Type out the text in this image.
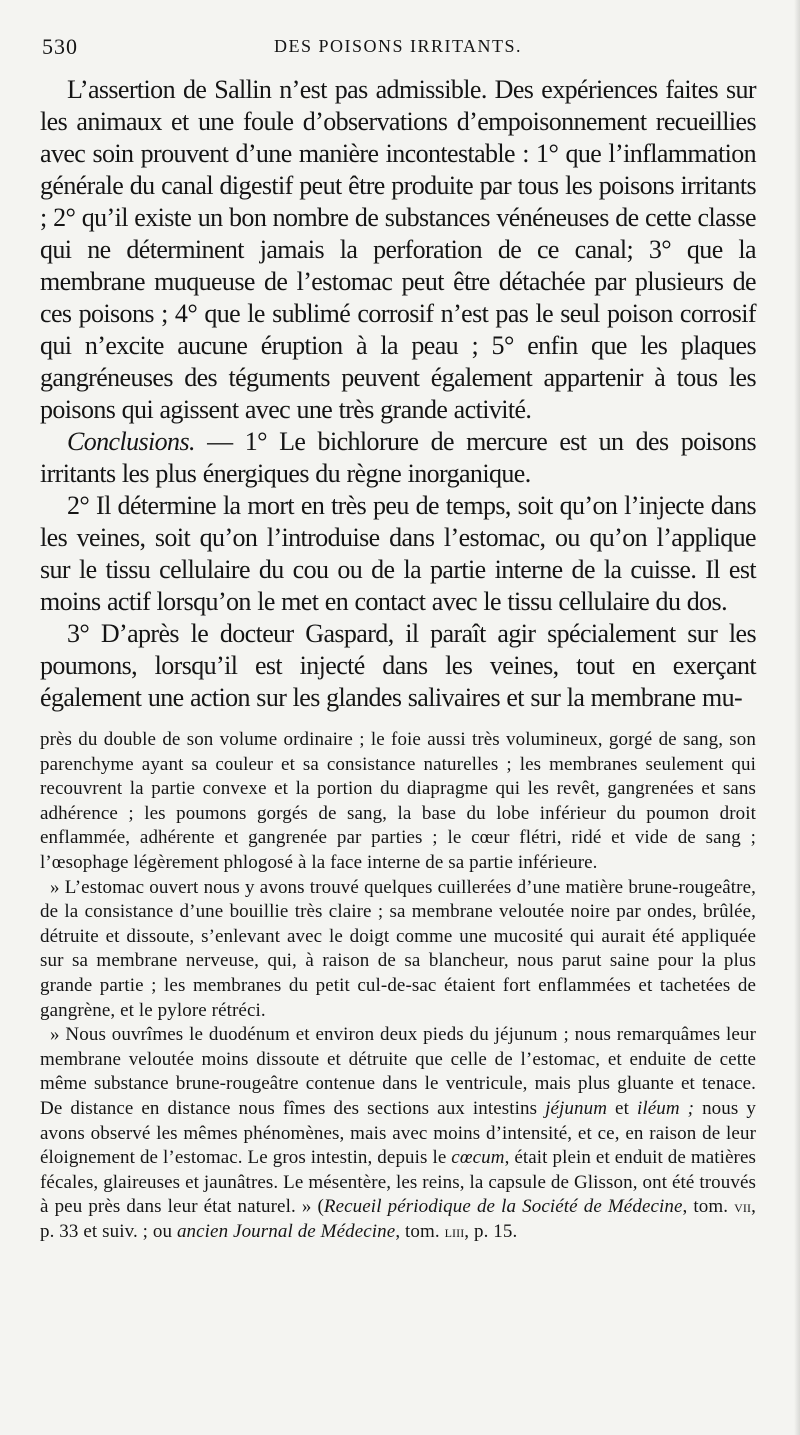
530	DES POISONS IRRITANTS.

L’assertion de Sallin n’est pas admissible. Des expériences faites sur les animaux et une foule d’observations d’empoisonnement recueillies avec soin prouvent d’une manière incontestable : 1° que l’inflammation générale du canal digestif peut être produite par tous les poisons irritants ; 2° qu’il existe un bon nombre de substances vénéneuses de cette classe qui ne déterminent jamais la perforation de ce canal; 3° que la membrane muqueuse de l’estomac peut être détachée par plusieurs de ces poisons ; 4° que le sublimé corrosif n’est pas le seul poison corrosif qui n’excite aucune éruption à la peau ; 5° enfin que les plaques gangréneuses des téguments peuvent également appartenir à tous les poisons qui agissent avec une très grande activité.

Conclusions. — 1° Le bichlorure de mercure est un des poisons irritants les plus énergiques du règne inorganique.

2° Il détermine la mort en très peu de temps, soit qu’on l’injecte dans les veines, soit qu’on l’introduise dans l’estomac, ou qu’on l’applique sur le tissu cellulaire du cou ou de la partie interne de la cuisse. Il est moins actif lorsqu’on le met en contact avec le tissu cellulaire du dos.

3° D’après le docteur Gaspard, il paraît agir spécialement sur les poumons, lorsqu’il est injecté dans les veines, tout en exerçant également une action sur les glandes salivaires et sur la membrane mu-

près du double de son volume ordinaire ; le foie aussi très volumineux, gorgé de sang, son parenchyme ayant sa couleur et sa consistance naturelles ; les membranes seulement qui recouvrent la partie convexe et la portion du diapragme qui les revêt, gangrenées et sans adhérence ; les poumons gorgés de sang, la base du lobe inférieur du poumon droit enflammée, adhérente et gangrenée par parties ; le cœur flétri, ridé et vide de sang ; l’œsophage légèrement phlogosé à la face interne de sa partie inférieure.

» L’estomac ouvert nous y avons trouvé quelques cuillerées d’une matière brune-rougeâtre, de la consistance d’une bouillie très claire ; sa membrane veloutée noire par ondes, brûlée, détruite et dissoute, s’enlevant avec le doigt comme une mucosité qui aurait été appliquée sur sa membrane nerveuse, qui, à raison de sa blancheur, nous parut saine pour la plus grande partie ; les membranes du petit cul-de-sac étaient fort enflammées et tachetées de gangrène, et le pylore rétréci.

» Nous ouvrîmes le duodénum et environ deux pieds du jéjunum ; nous remarquâmes leur membrane veloutée moins dissoute et détruite que celle de l’estomac, et enduite de cette même substance brune-rougeâtre contenue dans le ventricule, mais plus gluante et tenace. De distance en distance nous fîmes des sections aux intestins jéjunum et iléum ; nous y avons observé les mêmes phénomènes, mais avec moins d’intensité, et ce, en raison de leur éloignement de l’estomac. Le gros intestin, depuis le cœcum, était plein et enduit de matières fécales, glaireuses et jaunâtres. Le mésentère, les reins, la capsule de Glisson, ont été trouvés à peu près dans leur état naturel. » (Recueil périodique de la Société de Médecine, tom. vii, p. 33 et suiv. ; ou ancien Journal de Médecine, tom. liii, p. 15.
